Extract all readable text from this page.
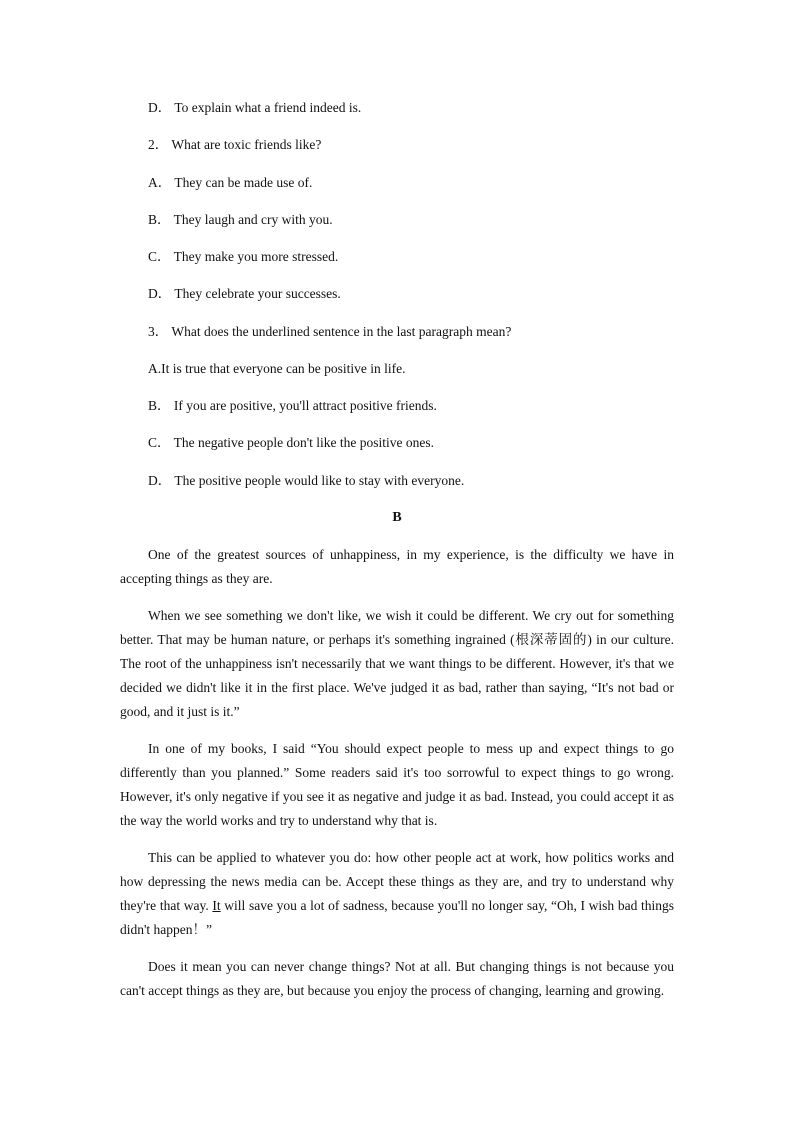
D． To explain what a friend indeed is.
2． What are toxic friends like?
A． They can be made use of.
B． They laugh and cry with you.
C． They make you more stressed.
D． They celebrate your successes.
3． What does the underlined sentence in the last paragraph mean?
A.It is true that everyone can be positive in life.
B． If you are positive, you'll attract positive friends.
C． The negative people don't like the positive ones.
D． The positive people would like to stay with everyone.
B

One of the greatest sources of unhappiness, in my experience, is the difficulty we have in accepting things as they are.

When we see something we don't like, we wish it could be different. We cry out for something better. That may be human nature, or perhaps it's something ingrained (根深蒂固的) in our culture. The root of the unhappiness isn't necessarily that we want things to be different. However, it's that we decided we didn't like it in the first place. We've judged it as bad, rather than saying, “It's not bad or good, and it just is it.”

In one of my books, I said “You should expect people to mess up and expect things to go differently than you planned.” Some readers said it's too sorrowful to expect things to go wrong. However, it's only negative if you see it as negative and judge it as bad. Instead, you could accept it as the way the world works and try to understand why that is.

This can be applied to whatever you do: how other people act at work, how politics works and how depressing the news media can be. Accept these things as they are, and try to understand why they're that way. It will save you a lot of sadness, because you'll no longer say, “Oh, I wish bad things didn't happen！”

Does it mean you can never change things? Not at all. But changing things is not because you can't accept things as they are, but because you enjoy the process of changing, learning and growing.
